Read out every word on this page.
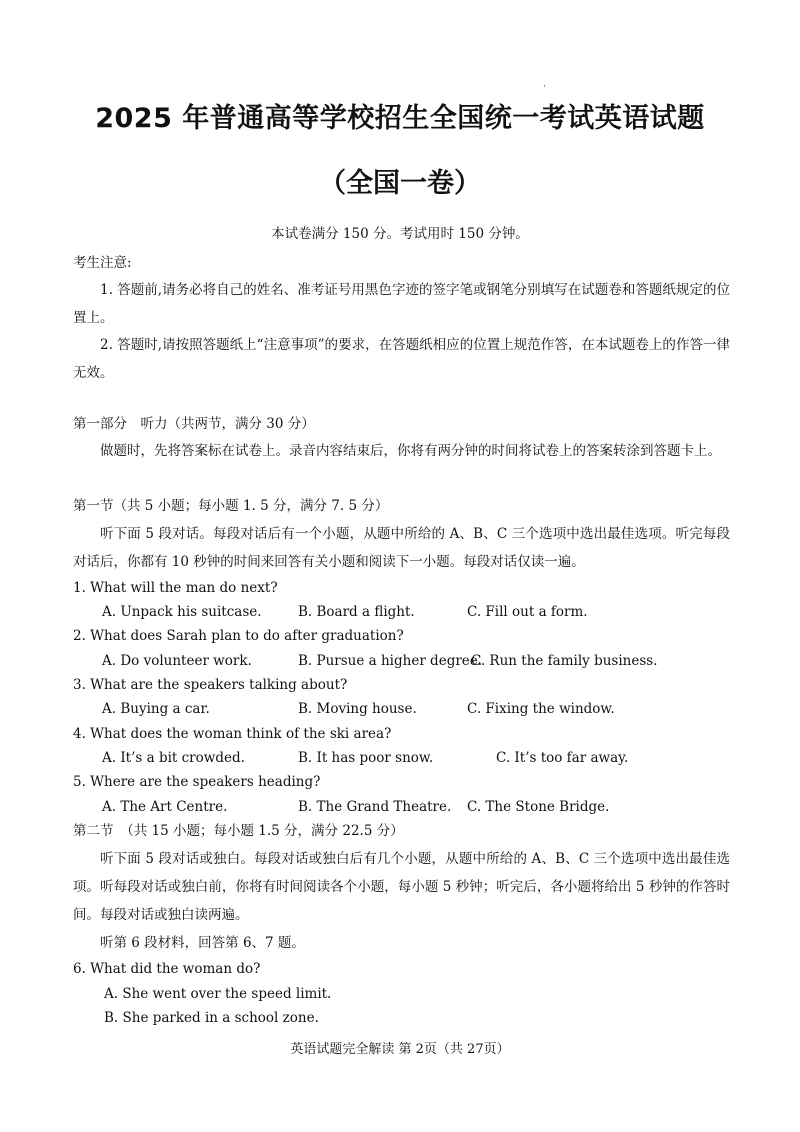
‘
2025 年普通高等学校招生全国统一考试英语试题
（全国一卷）
本试卷满分 150 分。考试用时 150 分钟。
考生注意:
1. 答题前,请务必将自己的姓名、准考证号用黑色字迹的签字笔或钢笔分别填写在试题卷和答题纸规定的位置上。
2. 答题时,请按照答题纸上“注意事项”的要求，在答题纸相应的位置上规范作答，在本试题卷上的作答一律无效。
第一部分　听力（共两节，满分 30 分）
做题时，先将答案标在试卷上。录音内容结束后，你将有两分钟的时间将试卷上的答案转涂到答题卡上。
第一节（共 5 小题；每小题 1. 5 分，满分 7. 5 分）
听下面 5 段对话。每段对话后有一个小题，从题中所给的 A、B、C 三个选项中选出最佳选项。听完每段对话后，你都有 10 秒钟的时间来回答有关小题和阅读下一小题。每段对话仅读一遍。
1. What will the man do next?
A. Unpack his suitcase.	B. Board a flight.	C. Fill out a form.
2. What does Sarah plan to do after graduation?
A. Do volunteer work.	B. Pursue a higher degree.
C. Run the family business.
3. What are the speakers talking about?
A. Buying a car.	B. Moving house.	C. Fixing the window.
4. What does the woman think of the ski area?
A. It’s a bit crowded.	B. It has poor snow.	C. It’s too far away.
5. Where are the speakers heading?
A. The Art Centre.	B. The Grand Theatre. C. The Stone Bridge.
第二节　（共 15 小题；每小题 1.5 分，满分 22.5 分）
听下面 5 段对话或独白。每段对话或独白后有几个小题，从题中所给的 A、B、C 三个选项中选出最佳选项。听每段对话或独白前，你将有时间阅读各个小题，每小题 5 秒钟；听完后，各小题将给出 5 秒钟的作答时间。每段对话或独白读两遍。
听第 6 段材料，回答第 6、7 题。
6. What did the woman do?
A. She went over the speed limit.
B. She parked in a school zone.
英语试题完全解读 第 2页（共 27页）
